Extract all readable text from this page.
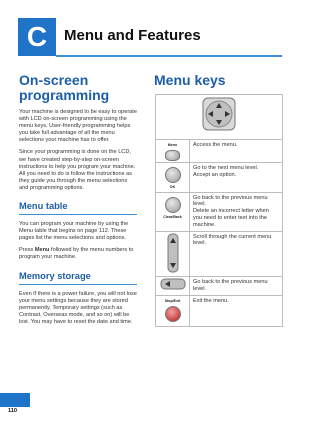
C Menu and Features
On-screen programming

Your machine is designed to be easy to operate with LCD on-screen programming using the menu keys. User-friendly programming helps you take full advantage of all the menu selections your machine has to offer.

Since your programming is done on the LCD, we have created step-by-step on-screen instructions to help you program your machine. All you need to do is follow the instructions as they guide you through the menu selections and programming options.

Menu table

You can program your machine by using the Menu table that begins on page 112. These pages list the menu selections and options.

Press Menu followed by the menu numbers to program your machine.

Memory storage

Even if there is a power failure, you will not lose your menu settings because they are stored permanently. Temporary settings (such as Contrast, Overseas mode, and so on) will be lost. You may have to reset the date and time.

Menu keys

Menu	Access the menu.

OK	Go to the next menu level.
Accept an option.

Clear/Back	Go back to the previous menu level.
Delete an incorrect letter when you need to enter text into the machine.
	Scroll through the current menu level.
	Go back to the previous menu level.

Stop/Exit	Exit the menu.
110
